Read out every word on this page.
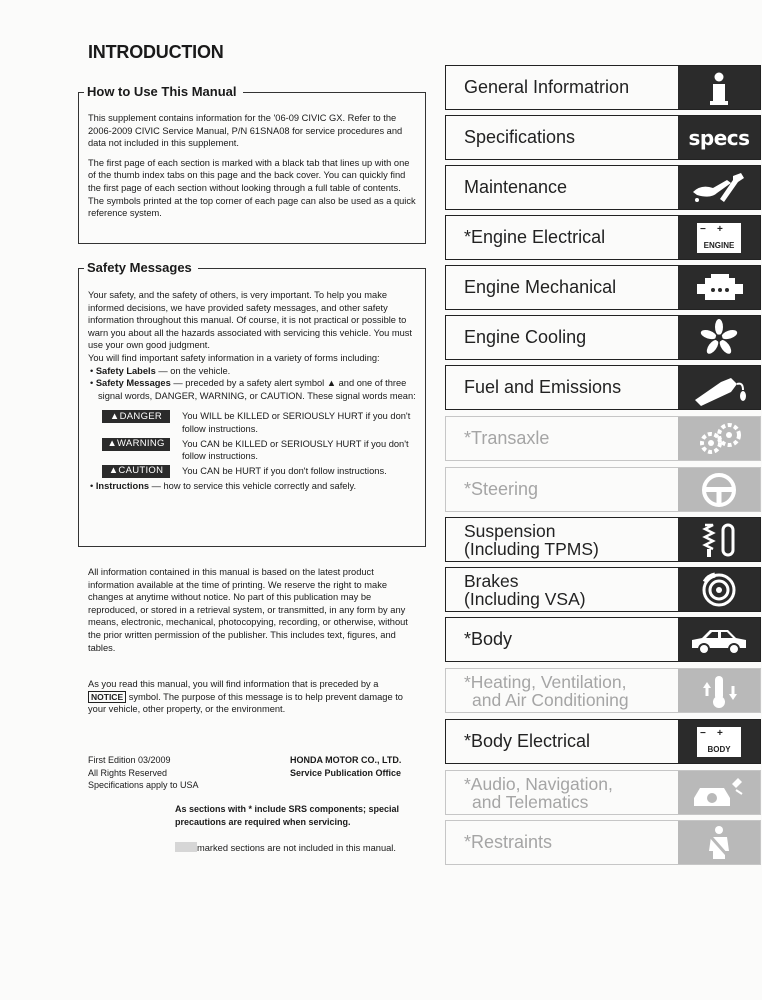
INTRODUCTION
How to Use This Manual

This supplement contains information for the '06-09 CIVIC GX. Refer to the 2006-2009 CIVIC Service Manual, P/N 61SNA08 for service procedures and data not included in this supplement.

The first page of each section is marked with a black tab that lines up with one of the thumb index tabs on this page and the back cover. You can quickly find the first page of each section without looking through a full table of contents. The symbols printed at the top corner of each page can also be used as a quick reference system.

Safety Messages

Your safety, and the safety of others, is very important. To help you make informed decisions, we have provided safety messages, and other safety information throughout this manual. Of course, it is not practical or possible to warn you about all the hazards associated with servicing this vehicle. You must use your own good judgment.

You will find important safety information in a variety of forms including:

• Safety Labels — on the vehicle.

• Safety Messages — preceded by a safety alert symbol ▲ and one of three signal words, DANGER, WARNING, or CAUTION. These signal words mean:

▲DANGER	You WILL be KILLED or SERIOUSLY HURT if you don't follow instructions.
▲WARNING	You CAN be KILLED or SERIOUSLY HURT if you don't follow instructions.
▲CAUTION	You CAN be HURT if you don't follow instructions.

• Instructions — how to service this vehicle correctly and safely.

All information contained in this manual is based on the latest product information available at the time of printing. We reserve the right to make changes at anytime without notice. No part of this publication may be reproduced, or stored in a retrieval system, or transmitted, in any form by any means, electronic, mechanical, photocopying, recording, or otherwise, without the prior written permission of the publisher. This includes text, figures, and tables.

As you read this manual, you will find information that is preceded by a NOTICE symbol. The purpose of this message is to help prevent damage to your vehicle, other property, or the environment.

First Edition 03/2009
All Rights Reserved
Specifications apply to USA
HONDA MOTOR CO., LTD.
Service Publication Office

As sections with * include SRS components; special precautions are required when servicing.

marked sections are not included in this manual.
General Informatrion
Specifications	specs
Maintenance
*Engine Electrical	−    +
ENGINE
Engine Mechanical
Engine Cooling
Fuel and Emissions
*Transaxle
*Steering
Suspension
(Including TPMS)
Brakes
(Including VSA)
*Body
*Heating, Ventilation,
and Air Conditioning
*Body Electrical	−    +
BODY
*Audio, Navigation,
and Telematics
*Restraints
